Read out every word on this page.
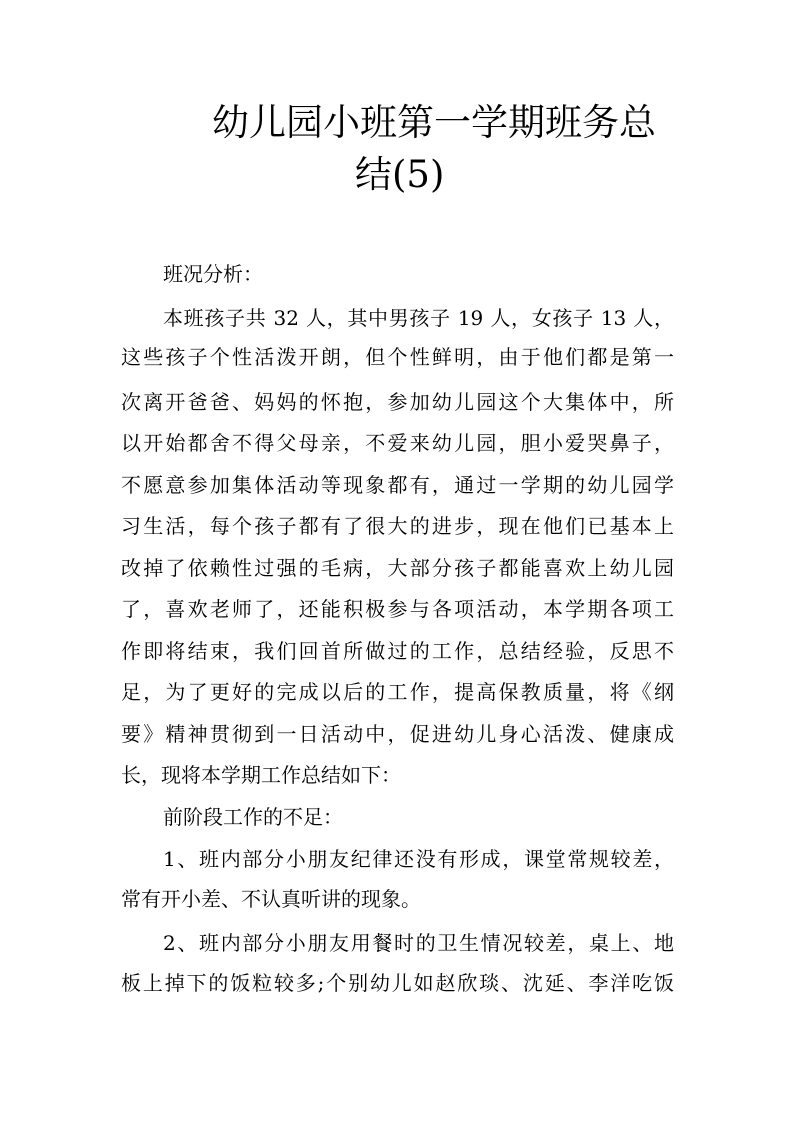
幼儿园小班第一学期班务总
结(5)
班况分析：
本班孩子共 32 人，其中男孩子 19 人，女孩子 13 人，
这些孩子个性活泼开朗，但个性鲜明，由于他们都是第一
次离开爸爸、妈妈的怀抱，参加幼儿园这个大集体中，所
以开始都舍不得父母亲，不爱来幼儿园，胆小爱哭鼻子，
不愿意参加集体活动等现象都有，通过一学期的幼儿园学
习生活，每个孩子都有了很大的进步，现在他们已基本上
改掉了依赖性过强的毛病，大部分孩子都能喜欢上幼儿园
了，喜欢老师了，还能积极参与各项活动，本学期各项工
作即将结束，我们回首所做过的工作，总结经验，反思不
足，为了更好的完成以后的工作，提高保教质量，将《纲
要》精神贯彻到一日活动中，促进幼儿身心活泼、健康成
长，现将本学期工作总结如下：
前阶段工作的不足：
1、班内部分小朋友纪律还没有形成，课堂常规较差，
常有开小差、不认真听讲的现象。
2、班内部分小朋友用餐时的卫生情况较差，桌上、地
板上掉下的饭粒较多;个别幼儿如赵欣琰、沈延、李洋吃饭
